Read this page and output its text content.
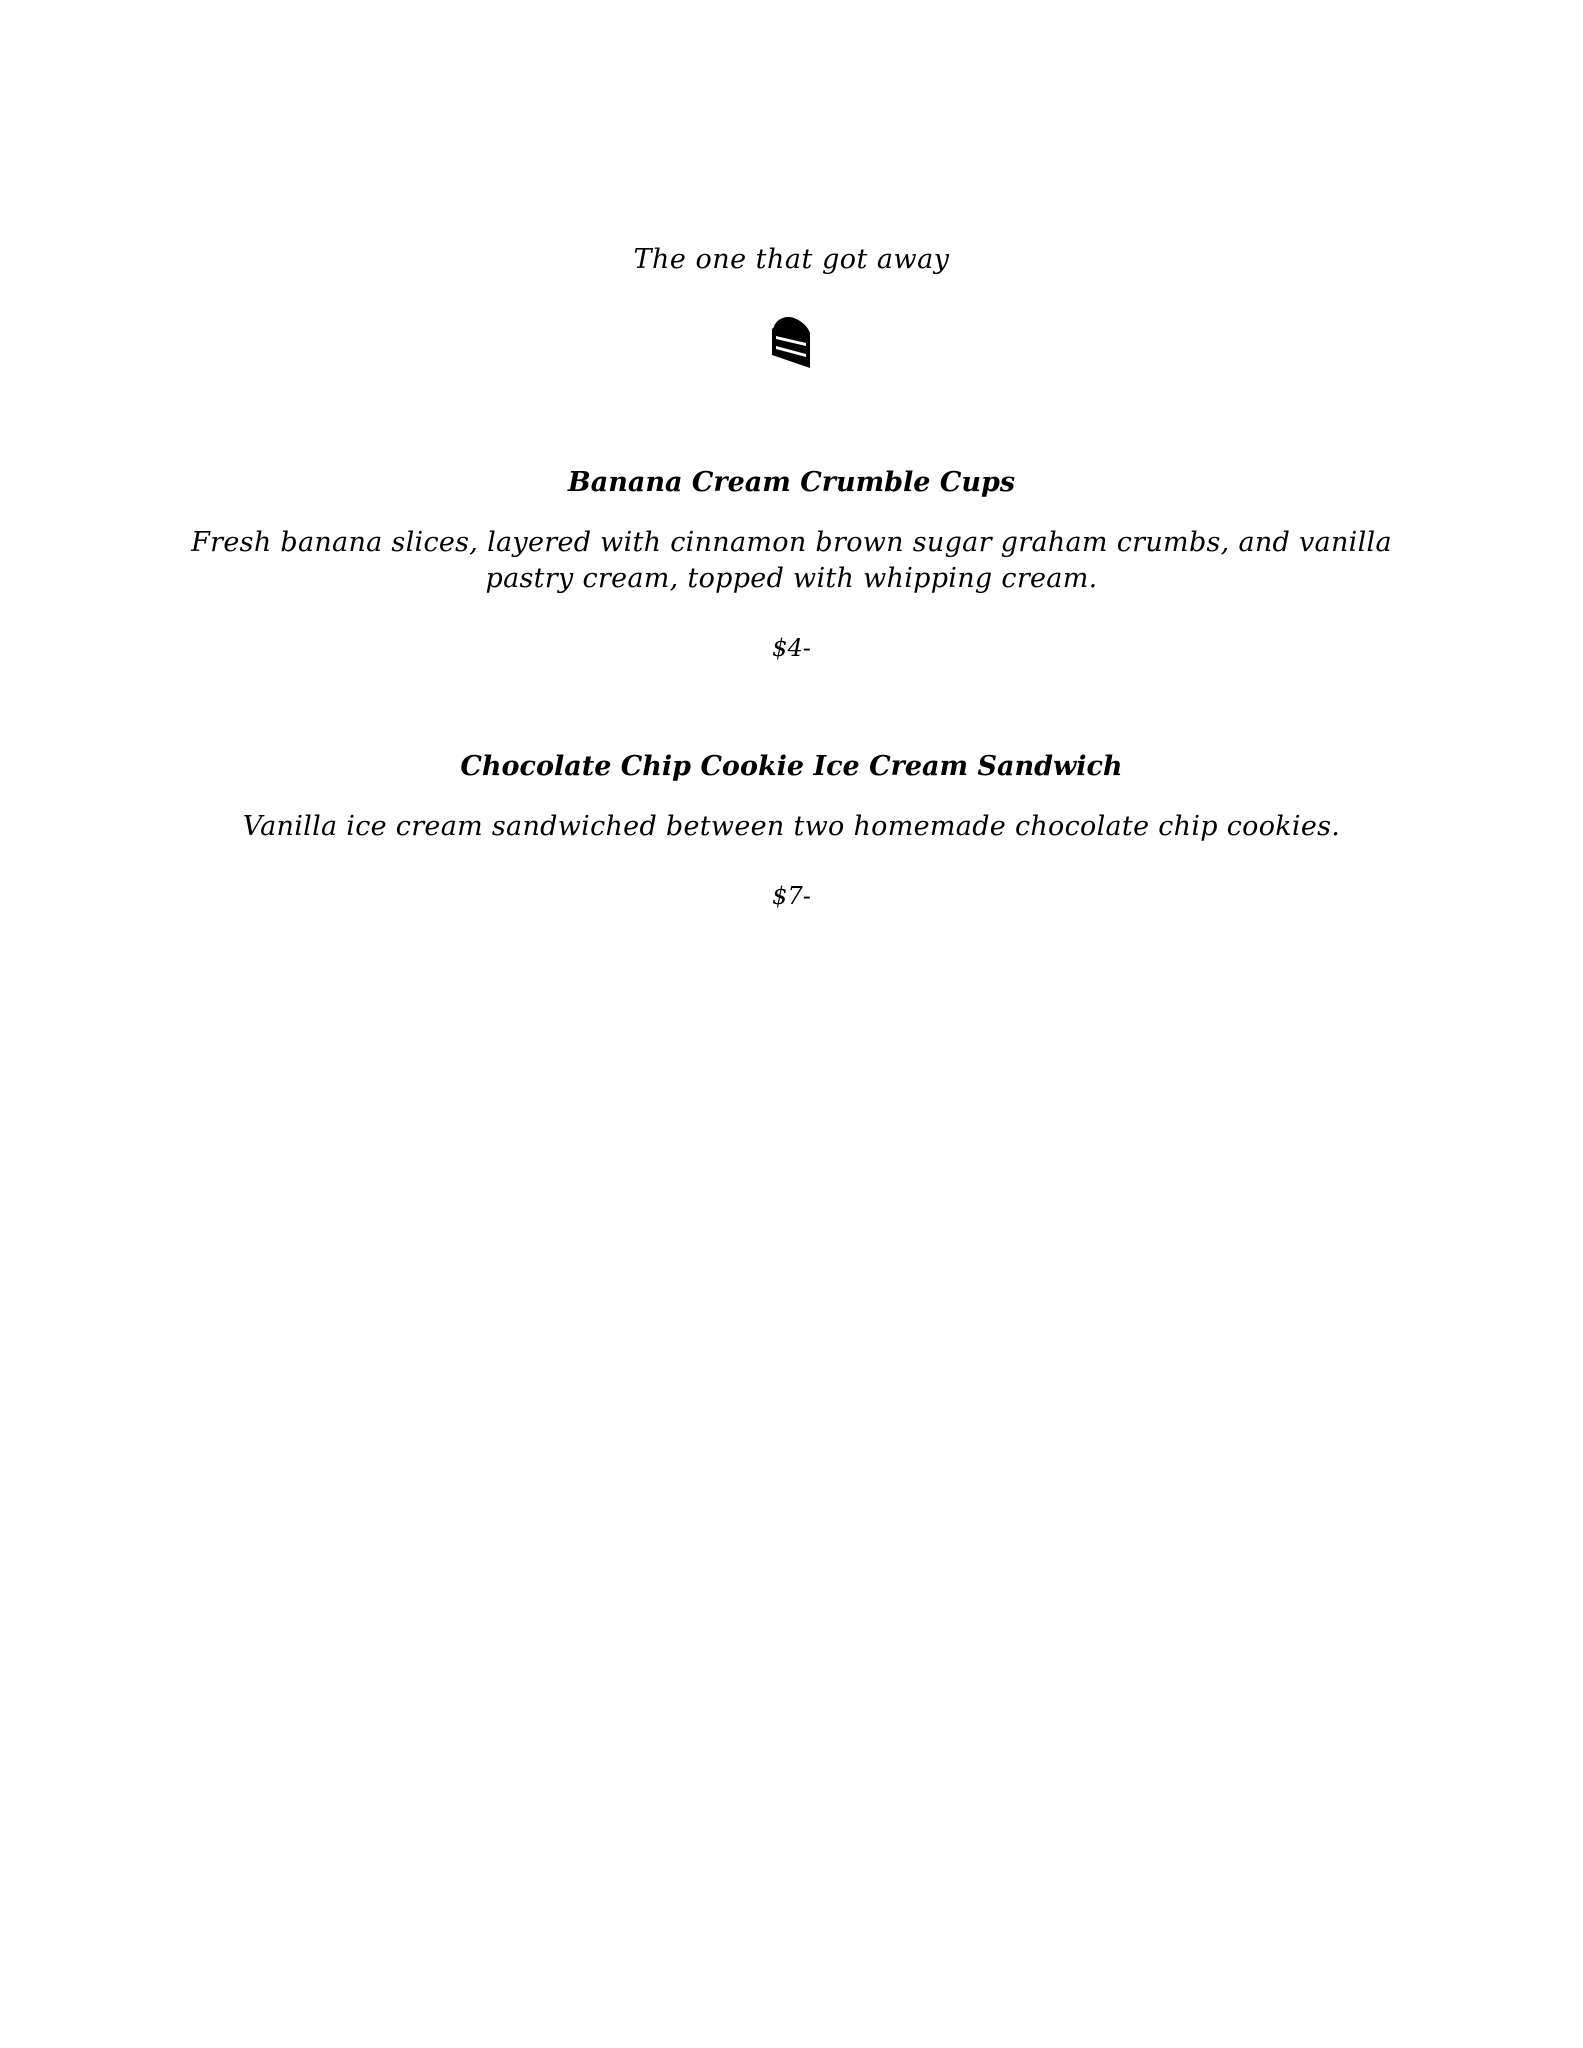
The one that got away
Banana Cream Crumble Cups

Fresh banana slices, layered with cinnamon brown sugar graham crumbs, and vanilla pastry cream, topped with whipping cream.

$4-

Chocolate Chip Cookie Ice Cream Sandwich

Vanilla ice cream sandwiched between two homemade chocolate chip cookies.

$7-
